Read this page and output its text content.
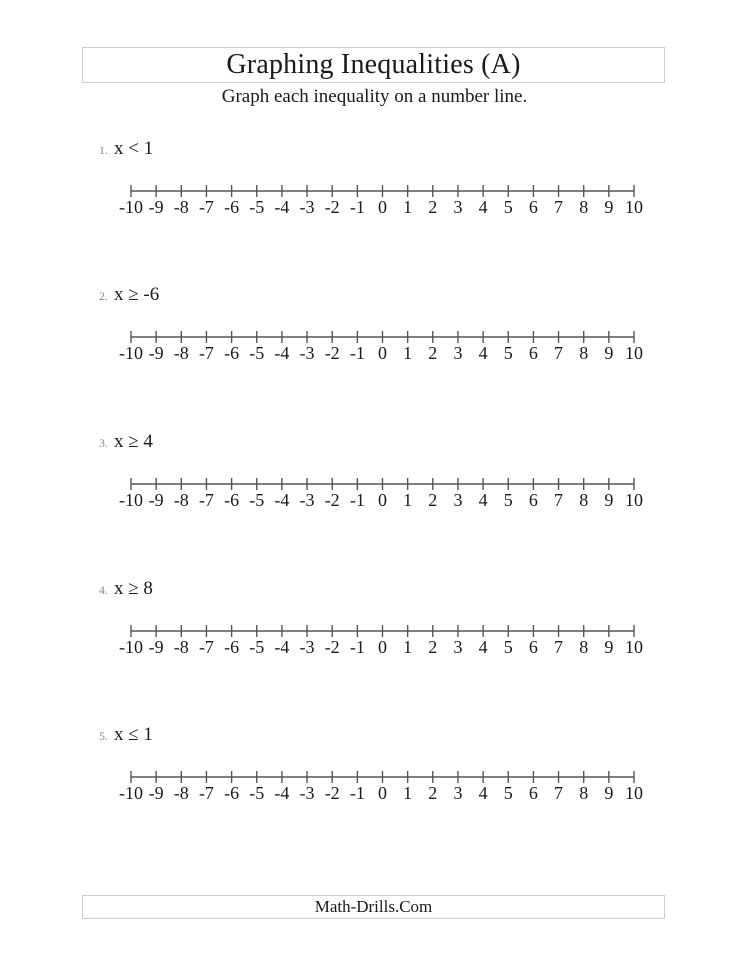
Graphing Inequalities (A)
Graph each inequality on a number line.
1. x < 1
-10 -9 -8 -7 -6 -5 -4 -3 -2 -1 0 1 2 3 4 5 6 7 8 9 10
2. x ≥ -6
-10 -9 -8 -7 -6 -5 -4 -3 -2 -1 0 1 2 3 4 5 6 7 8 9 10
3. x ≥ 4
-10 -9 -8 -7 -6 -5 -4 -3 -2 -1 0 1 2 3 4 5 6 7 8 9 10
4. x ≥ 8
-10 -9 -8 -7 -6 -5 -4 -3 -2 -1 0 1 2 3 4 5 6 7 8 9 10
5. x ≤ 1
-10 -9 -8 -7 -6 -5 -4 -3 -2 -1 0 1 2 3 4 5 6 7 8 9 10
Math-Drills.Com
